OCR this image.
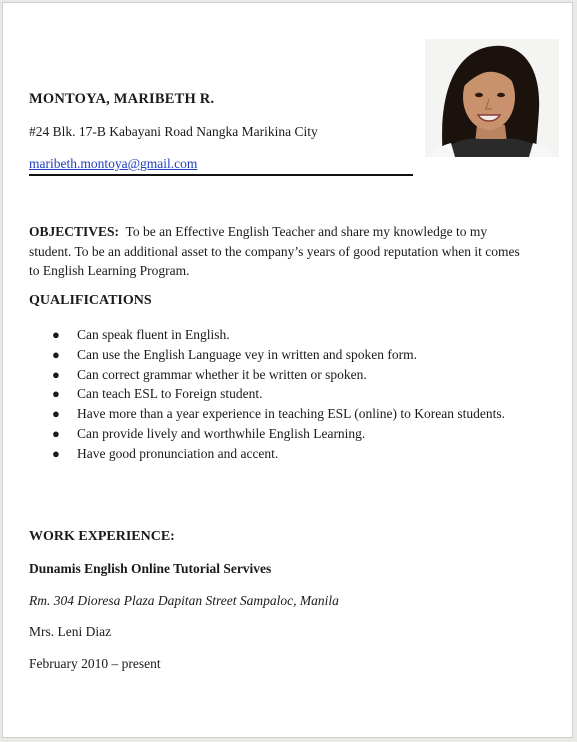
MONTOYA, MARIBETH R.
#24 Blk. 17-B Kabayani Road Nangka Marikina City
maribeth.montoya@gmail.com
OBJECTIVES: To be an Effective English Teacher and share my knowledge to my student. To be an additional asset to the company’s years of good reputation when it comes to English Learning Program.
QUALIFICATIONS
● Can speak fluent in English.
● Can use the English Language vey in written and spoken form.
● Can correct grammar whether it be written or spoken.
● Can teach ESL to Foreign student.
● Have more than a year experience in teaching ESL (online) to Korean students.
● Can provide lively and worthwhile English Learning.
● Have good pronunciation and accent.
WORK EXPERIENCE:
Dunamis English Online Tutorial Servives
Rm. 304 Dioresa Plaza Dapitan Street Sampaloc, Manila
Mrs. Leni Diaz
February 2010 – present
